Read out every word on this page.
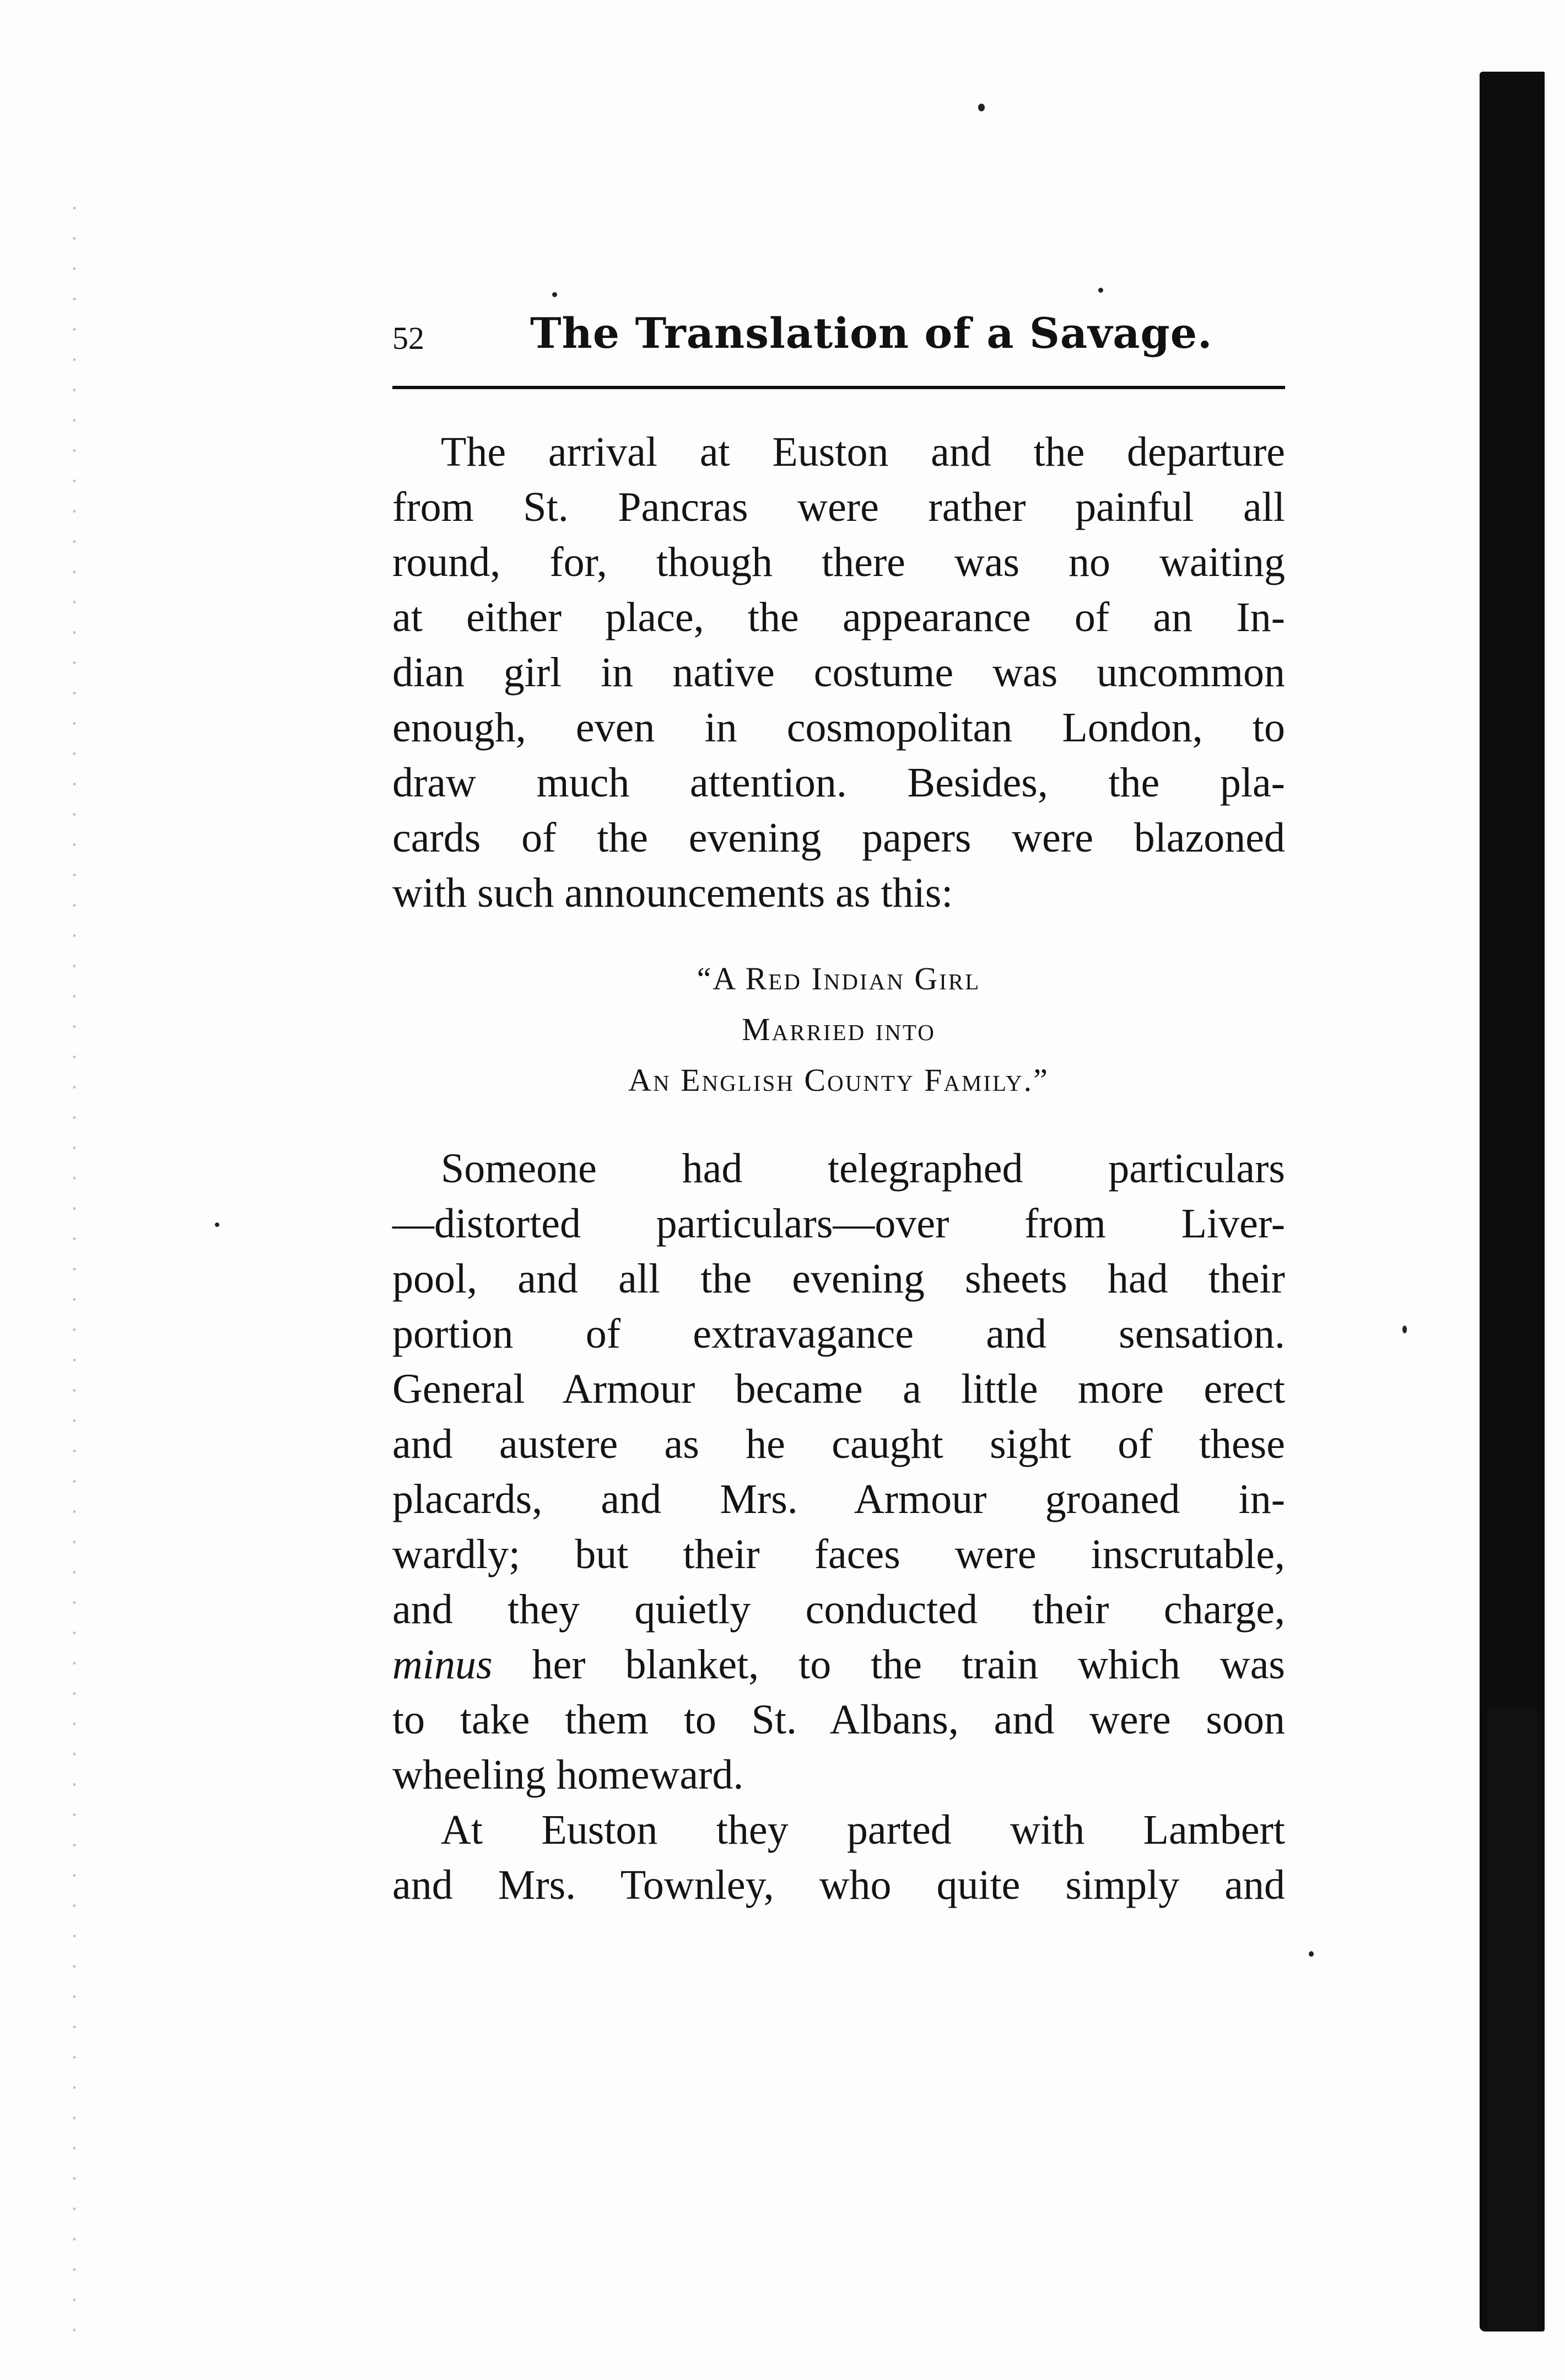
52	The Translation of a Savage.
The arrival at Euston and the departure
from St. Pancras were rather painful all
round, for, though there was no waiting
at either place, the appearance of an In-
dian girl in native costume was uncommon
enough, even in cosmopolitan London, to
draw much attention. Besides, the pla-
cards of the evening papers were blazoned
with such announcements as this:
“A Red Indian Girl
Married into
An English County Family.”
Someone had telegraphed particulars
—distorted particulars—over from Liver-
pool, and all the evening sheets had their
portion of extravagance and sensation.
General Armour became a little more erect
and austere as he caught sight of these
placards, and Mrs. Armour groaned in-
wardly; but their faces were inscrutable,
and they quietly conducted their charge,
minus her blanket, to the train which was
to take them to St. Albans, and were soon
wheeling homeward.
At Euston they parted with Lambert
and Mrs. Townley, who quite simply and
